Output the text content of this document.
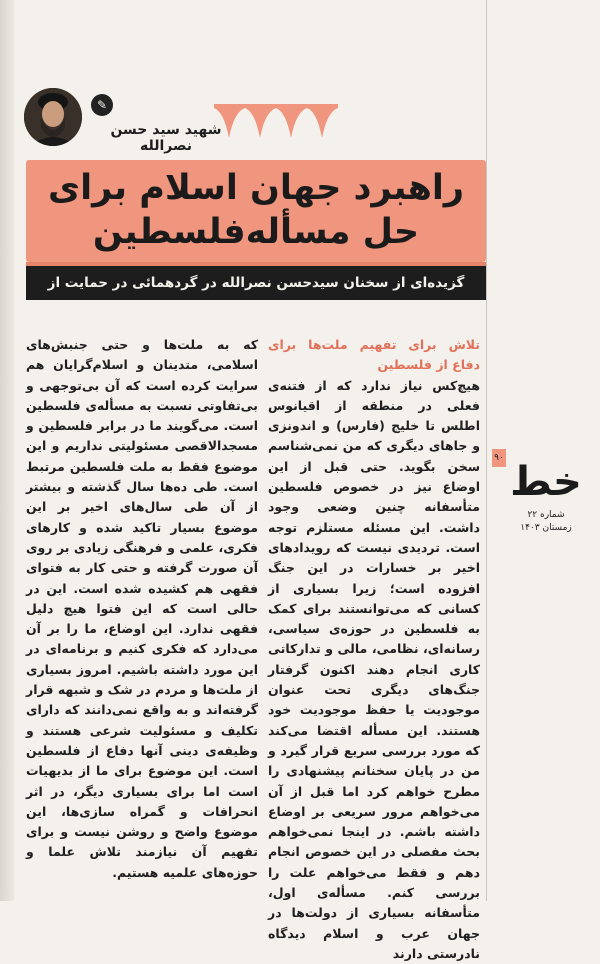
✎
شهید سید حسن نصرالله
راهبرد جهان اسلام برای حل مسأله‌فلسطین
گزیده‌ای از سخنان سید‌حسن نصرالله در گردهمائی در حمایت از انتفاضه فلسطین
۹۰
خط
شماره ۲۲
زمستان ۱۴۰۳
تلاش برای تفهیم ملت‌ها برای دفاع از فلسطین

هیچ‌کس نیاز ندارد که از فتنه‌ی فعلی در منطقه از اقیانوس اطلس تا خلیج (فارس) و اندونزی و جاهای دیگری که من نمی‌شناسم سخن بگوید. حتی قبل از این اوضاع نیز در خصوص فلسطین متأسفانه چنین وضعی وجود داشت. این مسئله مستلزم توجه است. تردیدی نیست که رویدادهای اخیر بر خسارات در این جنگ افزوده است؛ زیرا بسیاری از کسانی که می‌توانستند برای کمک به فلسطین در حوزه‌ی سیاسی، رسانه‌ای، نظامی، مالی و تدارکاتی کاری انجام دهند اکنون گرفتار جنگ‌های دیگری تحت عنوان موجودیت یا حفظ موجودیت خود هستند. این مسأله اقتضا می‌کند که مورد بررسی سریع قرار گیرد و من در پایان سخنانم پیشنهادی را مطرح خواهم کرد اما قبل از آن می‌خواهم مرور سریعی بر اوضاع داشته باشم. در اینجا نمی‌خواهم بحث مفصلی در این خصوص انجام دهم و فقط می‌خواهم علت را بررسی کنم. مسأله‌ی اول، متأسفانه بسیاری از دولت‌ها در جهان عرب و اسلام دیدگاه نادرستی دارند

که به ملت‌ها و حتی جنبش‌های اسلامی، متدینان و اسلام‌گرایان هم سرایت کرده است که آن بی‌توجهی و بی‌تفاوتی نسبت به مسأله‌ی فلسطین است. می‌گویند ما در برابر فلسطین و مسجدالاقصی مسئولیتی نداریم و این موضوع فقط به ملت فلسطین مرتبط است. طی ده‌ها سال گذشته و بیشتر از آن طی سال‌های اخیر بر این موضوع بسیار تاکید شده و کارهای فکری، علمی و فرهنگی زیادی بر روی آن صورت گرفته و حتی کار به فتوای فقهی هم کشیده شده است. این در حالی است که این فتوا هیچ دلیل فقهی ندارد. این اوضاع، ما را بر آن می‌دارد که فکری کنیم و برنامه‌ای در این مورد داشته باشیم. امروز بسیاری از ملت‌ها و مردم در شک و شبهه قرار گرفته‌اند و به واقع نمی‌دانند که دارای تکلیف و مسئولیت شرعی هستند و وظیفه‌ی دینی آنها دفاع از فلسطین است. این موضوع برای ما از بدیهیات است اما برای بسیاری دیگر، در اثر انحرافات و گمراه سازی‌ها، این موضوع واضح و روشن نیست و برای تفهیم آن نیازمند تلاش علما و حوزه‌های علمیه هستیم.
